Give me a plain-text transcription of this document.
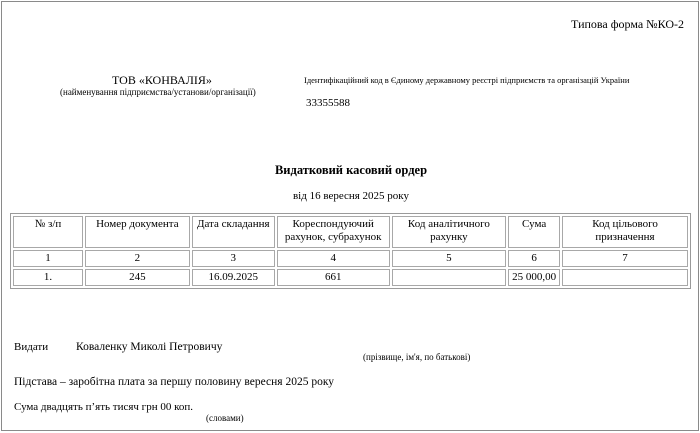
Типова форма №КО-2
ТОВ «КОНВАЛІЯ»
(найменування підприємства/установи/організації)
Ідентифікаційний код в Єдиному державному реєстрі підприємств та організацій України
33355588
Видатковий касовий ордер
від 16 вересня 2025 року
№ з/п	Номер документа	Дата складання	Кореспондуючий рахунок, субрахунок	Код аналітичного рахунку	Сума	Код цільового призначення
1	2	3	4	5	6	7
1.	245	16.09.2025	661		25 000,00	
Видати Коваленку Миколі Петровичу
(прізвище, ім'я, по батькові)
Підстава – заробітна плата за першу половину вересня 2025 року
Сума двадцять п’ять тисяч грн 00 коп.
(словами)
